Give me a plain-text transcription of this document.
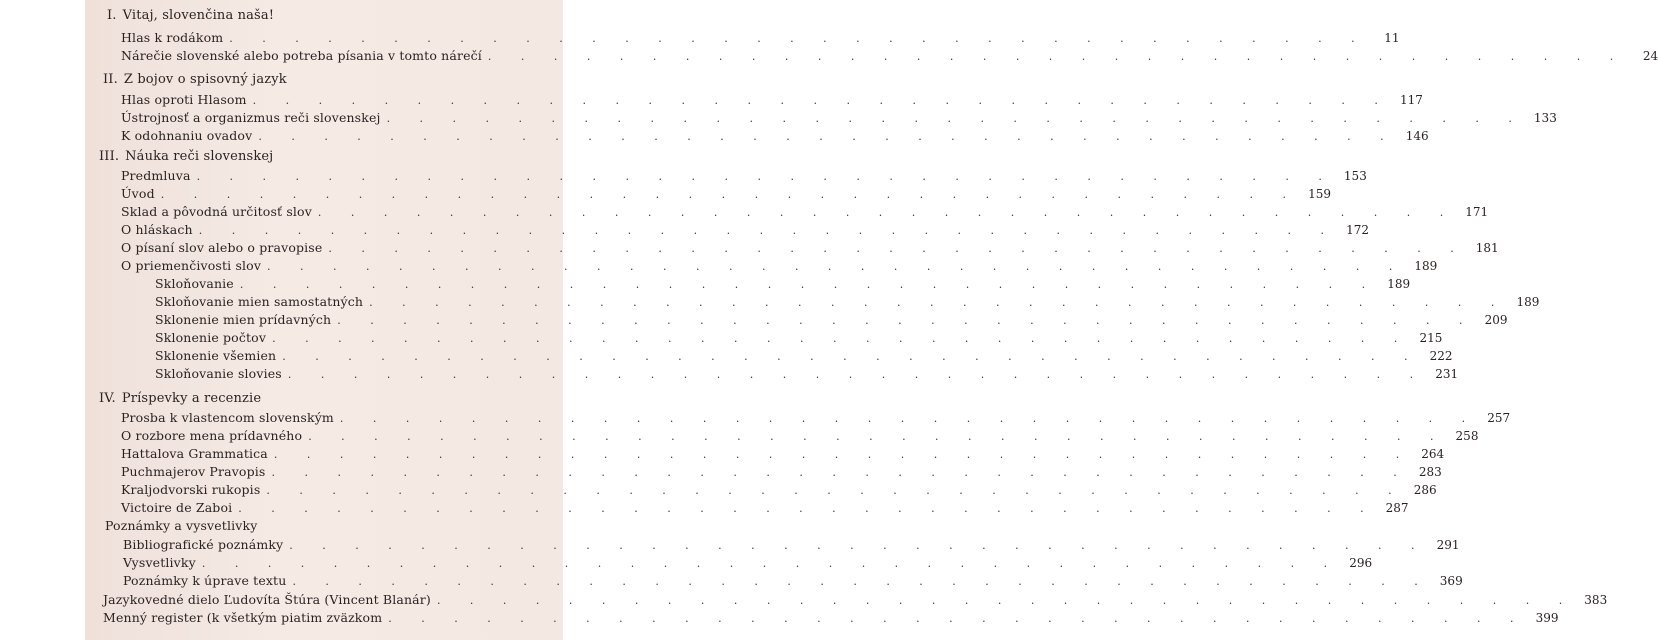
I. Vitaj, slovenčina naša!
Hlas k rodákom . . . . . . . . . . . . . . . . . . . . . . . . . . . . . . . . . . .	11
Nárečie slovenské alebo potreba písania v tomto nárečí . . . . . . . . . . . . . . . . . . . . . . . . . . . . . . . . . . .	24
II. Z bojov o spisovný jazyk
Hlas oproti Hlasom . . . . . . . . . . . . . . . . . . . . . . . . . . . . . . . . . . . 117
Ústrojnosť a organizmus reči slovenskej . . . . . . . . . . . . . . . . . . . . . . . . . . . . . . . . . . . 133
K odohnaniu ovadov . . . . . . . . . . . . . . . . . . . . . . . . . . . . . . . . . . . 146
III. Náuka reči slovenskej
Predmluva . . . . . . . . . . . . . . . . . . . . . . . . . . . . . . . . . . . 153
Úvod . . . . . . . . . . . . . . . . . . . . . . . . . . . . . . . . . . . 159
Sklad a pôvodná určitosť slov . . . . . . . . . . . . . . . . . . . . . . . . . . . . . . . . . . . 171
O hláskach . . . . . . . . . . . . . . . . . . . . . . . . . . . . . . . . . . . 172
O písaní slov alebo o pravopise . . . . . . . . . . . . . . . . . . . . . . . . . . . . . . . . . . . 181
O priemenčivosti slov . . . . . . . . . . . . . . . . . . . . . . . . . . . . . . . . . . . 189
Skloňovanie . . . . . . . . . . . . . . . . . . . . . . . . . . . . . . . . . . . 189
Skloňovanie mien samostatných . . . . . . . . . . . . . . . . . . . . . . . . . . . . . . . . . . . 189
Sklonenie mien prídavných . . . . . . . . . . . . . . . . . . . . . . . . . . . . . . . . . . . 209
Sklonenie počtov . . . . . . . . . . . . . . . . . . . . . . . . . . . . . . . . . . . 215
Sklonenie všemien . . . . . . . . . . . . . . . . . . . . . . . . . . . . . . . . . . . 222
Skloňovanie slovies . . . . . . . . . . . . . . . . . . . . . . . . . . . . . . . . . . . 231
IV. Príspevky a recenzie
Prosba k vlastencom slovenským . . . . . . . . . . . . . . . . . . . . . . . . . . . . . . . . . . . 257
O rozbore mena prídavného . . . . . . . . . . . . . . . . . . . . . . . . . . . . . . . . . . . 258
Hattalova Grammatica . . . . . . . . . . . . . . . . . . . . . . . . . . . . . . . . . . . 264
Puchmajerov Pravopis . . . . . . . . . . . . . . . . . . . . . . . . . . . . . . . . . . . 283
Kraljodvorski rukopis . . . . . . . . . . . . . . . . . . . . . . . . . . . . . . . . . . . 286
Victoire de Zaboi . . . . . . . . . . . . . . . . . . . . . . . . . . . . . . . . . . . 287
Poznámky a vysvetlivky
Bibliografické poznámky . . . . . . . . . . . . . . . . . . . . . . . . . . . . . . . . . . . 291
Vysvetlivky . . . . . . . . . . . . . . . . . . . . . . . . . . . . . . . . . . . 296
Poznámky k úprave textu . . . . . . . . . . . . . . . . . . . . . . . . . . . . . . . . . . . 369
Jazykovedné dielo Ľudovíta Štúra (Vincent Blanár) . . . . . . . . . . . . . . . . . . . . . . . . . . . . . . . . . . . 383
Menný register (k všetkým piatim zväzkom . . . . . . . . . . . . . . . . . . . . . . . . . . . . . . . . . . . 399
